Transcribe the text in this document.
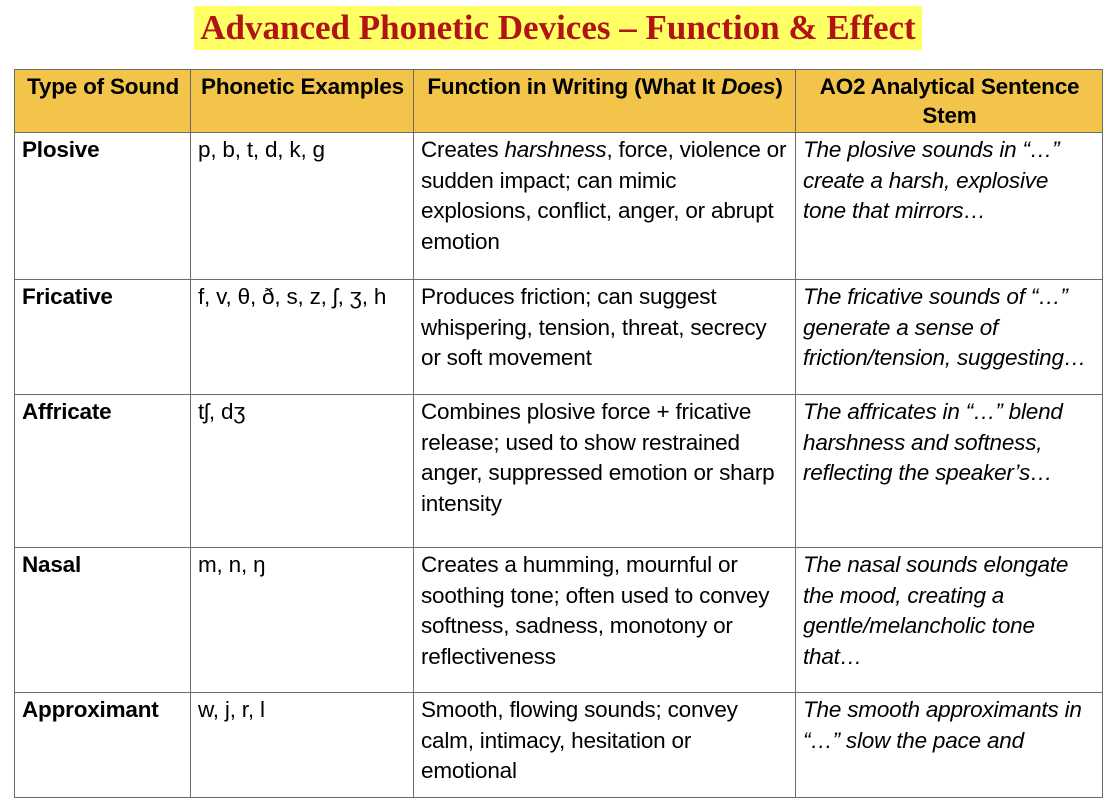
Advanced Phonetic Devices – Function & Effect
Type of Sound	Phonetic Examples	Function in Writing (What It Does)	AO2 Analytical Sentence Stem
Plosive	p, b, t, d, k, g	Creates harshness, force, violence or sudden impact; can mimic explosions, conflict, anger, or abrupt emotion	The plosive sounds in “…” create a harsh, explosive tone that mirrors…
Fricative	f, v, θ, ð, s, z, ʃ, ʒ, h	Produces friction; can suggest whispering, tension, threat, secrecy or soft movement	The fricative sounds of “…” generate a sense of friction/tension, suggesting…
Affricate	tʃ, dʒ	Combines plosive force + fricative release; used to show restrained anger, suppressed emotion or sharp intensity	The affricates in “…” blend harshness and softness, reflecting the speaker’s…
Nasal	m, n, ŋ	Creates a humming, mournful or soothing tone; often used to convey softness, sadness, monotony or reflectiveness	The nasal sounds elongate the mood, creating a gentle/melancholic tone that…
Approximant	w, j, r, l	Smooth, flowing sounds; convey calm, intimacy, hesitation or emotional	The smooth approximants in “…” slow the pace and
